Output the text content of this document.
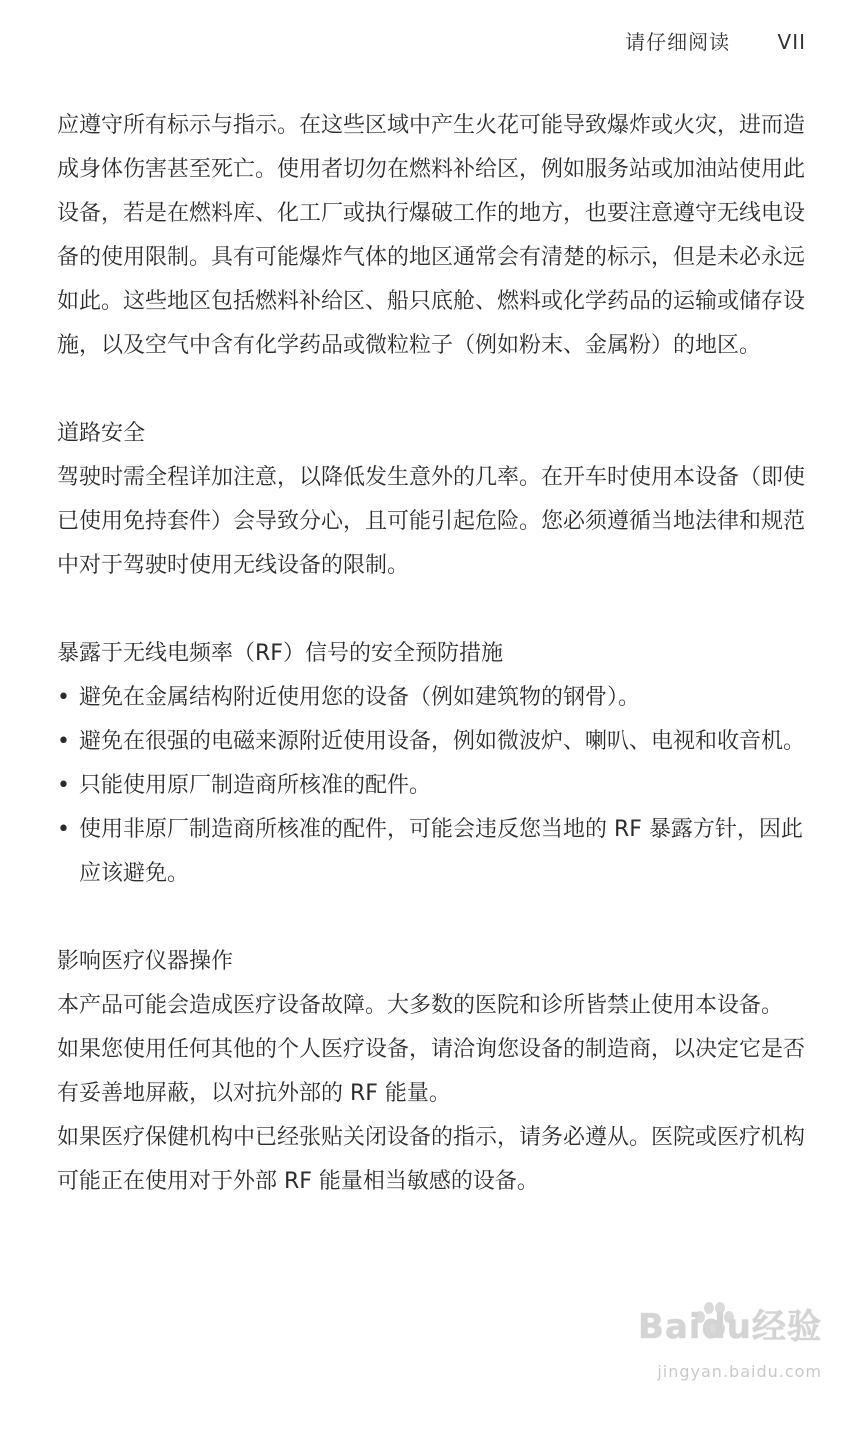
请仔细阅读 VII

应遵守所有标示与指示。在这些区域中产生火花可能导致爆炸或火灾，进而造成身体伤害甚至死亡。使用者切勿在燃料补给区，例如服务站或加油站使用此设备，若是在燃料库、化工厂或执行爆破工作的地方，也要注意遵守无线电设备的使用限制。具有可能爆炸气体的地区通常会有清楚的标示，但是未必永远如此。这些地区包括燃料补给区、船只底舱、燃料或化学药品的运输或储存设施，以及空气中含有化学药品或微粒粒子（例如粉末、金属粉）的地区。

道路安全

驾驶时需全程详加注意，以降低发生意外的几率。在开车时使用本设备（即使已使用免持套件）会导致分心，且可能引起危险。您必须遵循当地法律和规范中对于驾驶时使用无线设备的限制。

暴露于无线电频率（RF）信号的安全预防措施
• 避免在金属结构附近使用您的设备（例如建筑物的钢骨）。
• 避免在很强的电磁来源附近使用设备，例如微波炉、喇叭、电视和收音机。
• 只能使用原厂制造商所核准的配件。
• 使用非原厂制造商所核准的配件，可能会违反您当地的 RF 暴露方针，因此应该避免。
影响医疗仪器操作

本产品可能会造成医疗设备故障。大多数的医院和诊所皆禁止使用本设备。

如果您使用任何其他的个人医疗设备，请洽询您设备的制造商，以决定它是否有妥善地屏蔽，以对抗外部的 RF 能量。

如果医疗保健机构中已经张贴关闭设备的指示，请务必遵从。医院或医疗机构可能正在使用对于外部 RF 能量相当敏感的设备。

Baidu经验
jingyan.baidu.com
